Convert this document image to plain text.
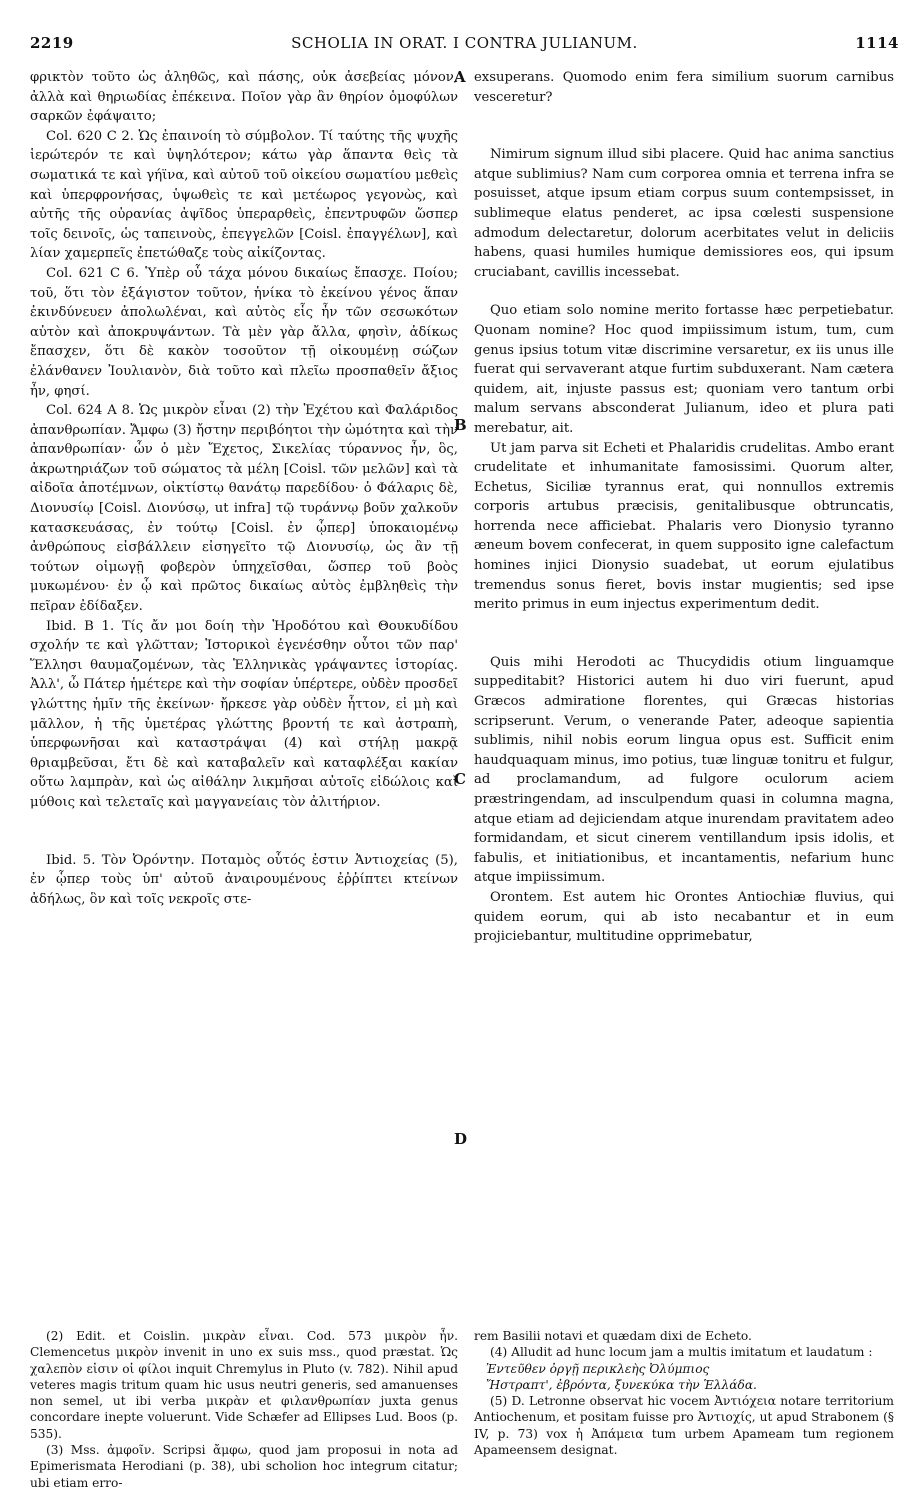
2219	SCHOLIA IN ORAT. I CONTRA JULIANUM.	1114
A
B
C
D

φρικτὸν τοῦτο ὡς ἀληθῶς, καὶ πάσης, οὐκ ἀσεβείας μόνον, ἀλλὰ καὶ θηριωδίας ἐπέκεινα. Ποῖον γὰρ ἂν θηρίον ὁμοφύλων σαρκῶν ἐφάψαιτο;

Col. 620 C 2. Ὡς ἐπαινοίη τὸ σύμβολον. Τί ταύτης τῆς ψυχῆς ἱερώτερόν τε καὶ ὑψηλότερον; κάτω γὰρ ἅπαντα θεὶς τὰ σωματικά τε καὶ γήϊνα, καὶ αὐτοῦ τοῦ οἰκείου σωματίου μεθεὶς καὶ ὑπερφρονήσας, ὑψωθεὶς τε καὶ μετέωρος γεγονὼς, καὶ αὐτῆς τῆς οὐρανίας ἀψῖδος ὑπεραρθεὶς, ἐπεντρυφῶν ὥσπερ τοῖς δεινοῖς, ὡς ταπεινοὺς, ἐπεγγελῶν [Coisl. ἐπαγγέλων], καὶ λίαν χαμερπεῖς ἐπετώθαζε τοὺς αἰκίζοντας.

Col. 621 C 6. Ὑπὲρ οὗ τάχα μόνου δικαίως ἔπασχε. Ποίου; τοῦ, ὅτι τὸν ἐξάγιστον τοῦτον, ἡνίκα τὸ ἐκείνου γένος ἅπαν ἐκινδύνευεν ἀπολωλέναι, καὶ αὐτὸς εἷς ἦν τῶν σεσωκότων αὐτὸν καὶ ἀποκρυψάντων. Τὰ μὲν γὰρ ἄλλα, φησὶν, ἀδίκως ἔπασχεν, ὅτι δὲ κακὸν τοσοῦτον τῇ οἰκουμένῃ σώζων ἐλάνθανεν Ἰουλιανὸν, διὰ τοῦτο καὶ πλεῖω προσπαθεῖν ἄξιος ἦν, φησί.

Col. 624 A 8. Ὡς μικρὸν εἶναι (2) τὴν Ἐχέτου καὶ Φαλάριδος ἀπανθρωπίαν. Ἄμφω (3) ἤστην περιβόητοι τὴν ὠμότητα καὶ τὴν ἀπανθρωπίαν· ὧν ὁ μὲν Ἔχετος, Σικελίας τύραννος ἦν, ὃς, ἀκρωτηριάζων τοῦ σώματος τὰ μέλη [Coisl. τῶν μελῶν] καὶ τὰ αἰδοῖα ἀποτέμνων, οἰκτίστῳ θανάτῳ παρεδίδου· ὁ Φάλαρις δὲ, Διονυσίῳ [Coisl. Διονύσῳ, ut infra] τῷ τυράννῳ βοῦν χαλκοῦν κατασκευάσας, ἐν τούτῳ [Coisl. ἐν ᾧπερ] ὑποκαιομένῳ ἀνθρώπους εἰσβάλλειν εἰσηγεῖτο τῷ Διονυσίῳ, ὡς ἂν τῇ τούτων οἰμωγῇ φοβερὸν ὑπηχεῖσθαι, ὥσπερ τοῦ βοὸς μυκωμένου· ἐν ᾧ καὶ πρῶτος δικαίως αὐτὸς ἐμβληθεὶς τὴν πεῖραν ἐδίδαξεν.

Ibid. B 1. Τίς ἄν μοι δοίη τὴν Ἡροδότου καὶ Θουκυδίδου σχολήν τε καὶ γλῶτταν; Ἱστορικοὶ ἐγενέσθην οὗτοι τῶν παρ' Ἕλλησι θαυμαζομένων, τὰς Ἑλληνικὰς γράψαντες ἱστορίας. Ἀλλ', ὦ Πάτερ ἡμέτερε καὶ τὴν σοφίαν ὑπέρτερε, οὐδὲν προσδεῖ γλώττης ἡμῖν τῆς ἐκείνων· ἤρκεσε γὰρ οὐδὲν ἧττον, εἰ μὴ καὶ μᾶλλον, ἡ τῆς ὑμετέρας γλώττης βροντή τε καὶ ἀστραπὴ, ὑπερφωνῆσαι καὶ καταστράψαι (4) καὶ στήλῃ μακρᾷ θριαμβεῦσαι, ἔτι δὲ καὶ καταβαλεῖν καὶ καταφλέξαι κακίαν οὕτω λαμπρὰν, καὶ ὡς αἰθάλην λικμῆσαι αὐτοῖς εἰδώλοις καὶ μύθοις καὶ τελεταῖς καὶ μαγγανείαις τὸν ἀλιτήριον.

Ibid. 5. Τὸν Ὀρόντην. Ποταμὸς οὗτός ἐστιν Ἀντιοχείας (5), ἐν ᾧπερ τοὺς ὑπ' αὐτοῦ ἀναιρουμένους ἐῤῥίπτει κτείνων ἀδήλως, ὃν καὶ τοῖς νεκροῖς στε-

exsuperans. Quomodo enim fera similium suorum carnibus vesceretur?

Nimirum signum illud sibi placere. Quid hac anima sanctius atque sublimius? Nam cum corporea omnia et terrena infra se posuisset, atque ipsum etiam corpus suum contempsisset, in sublimeque elatus penderet, ac ipsa cœlesti suspensione admodum delectaretur, dolorum acerbitates velut in deliciis habens, quasi humiles humique demissiores eos, qui ipsum cruciabant, cavillis incessebat.

Quo etiam solo nomine merito fortasse hæc perpetiebatur. Quonam nomine? Hoc quod impiissimum istum, tum, cum genus ipsius totum vitæ discrimine versaretur, ex iis unus ille fuerat qui servaverant atque furtim subduxerant. Nam cætera quidem, ait, injuste passus est; quoniam vero tantum orbi malum servans absconderat Julianum, ideo et plura pati merebatur, ait.

Ut jam parva sit Echeti et Phalaridis crudelitas. Ambo erant crudelitate et inhumanitate famosissimi. Quorum alter, Echetus, Siciliæ tyrannus erat, qui nonnullos extremis corporis artubus præcisis, genitalibusque obtruncatis, horrenda nece afficiebat. Phalaris vero Dionysio tyranno æneum bovem confecerat, in quem supposito igne calefactum homines injici Dionysio suadebat, ut eorum ejulatibus tremendus sonus fieret, bovis instar mugientis; sed ipse merito primus in eum injectus experimentum dedit.

Quis mihi Herodoti ac Thucydidis otium linguamque suppeditabit? Historici autem hi duo viri fuerunt, apud Græcos admiratione florentes, qui Græcas historias scripserunt. Verum, o venerande Pater, adeoque sapientia sublimis, nihil nobis eorum lingua opus est. Sufficit enim haudquaquam minus, imo potius, tuæ linguæ tonitru et fulgur, ad proclamandum, ad fulgore oculorum aciem præstringendam, ad insculpendum quasi in columna magna, atque etiam ad dejiciendam atque inurendam pravitatem adeo formidandam, et sicut cinerem ventillandum ipsis idolis, et fabulis, et initiationibus, et incantamentis, nefarium hunc atque impiissimum.

Orontem. Est autem hic Orontes Antiochiæ fluvius, qui quidem eorum, qui ab isto necabantur et in eum projiciebantur, multitudine opprimebatur,

(2) Edit. et Coislin. μικρὰν εἶναι. Cod. 573 μικρὸν ἦν. Clemencetus μικρὸν invenit in uno ex suis mss., quod præstat. Ὡς χαλεπὸν εἰσιν οἱ φίλοι inquit Chremylus in Pluto (v. 782). Nihil apud veteres magis tritum quam hic usus neutri generis, sed amanuenses non semel, ut ibi verba μικρὰν et φιλανθρωπίαν juxta genus concordare inepte voluerunt. Vide Schæfer ad Ellipses Lud. Boos (p. 535).

(3) Mss. ἀμφοῖν. Scripsi ἄμφω, quod jam proposui in nota ad Epimerismata Herodiani (p. 38), ubi scholion hoc integrum citatur; ubi etiam erro-

rem Basilii notavi et quædam dixi de Echeto.

(4) Alludit ad hunc locum jam a multis imitatum et laudatum :

Ἐντεῦθεν ὀργῇ περικλεὴς Ὀλύμπιος

Ἤστραπτ', ἐβρόντα, ξυνεκύκα τὴν Ἑλλάδα.

(5) D. Letronne observat hic vocem Ἀντιόχεια notare territorium Antiochenum, et positam fuisse pro Ἀντιοχίς, ut apud Strabonem (§ IV, p. 73) vox ἡ Ἀπάμεια tum urbem Apameam tum regionem Apameensem designat.
